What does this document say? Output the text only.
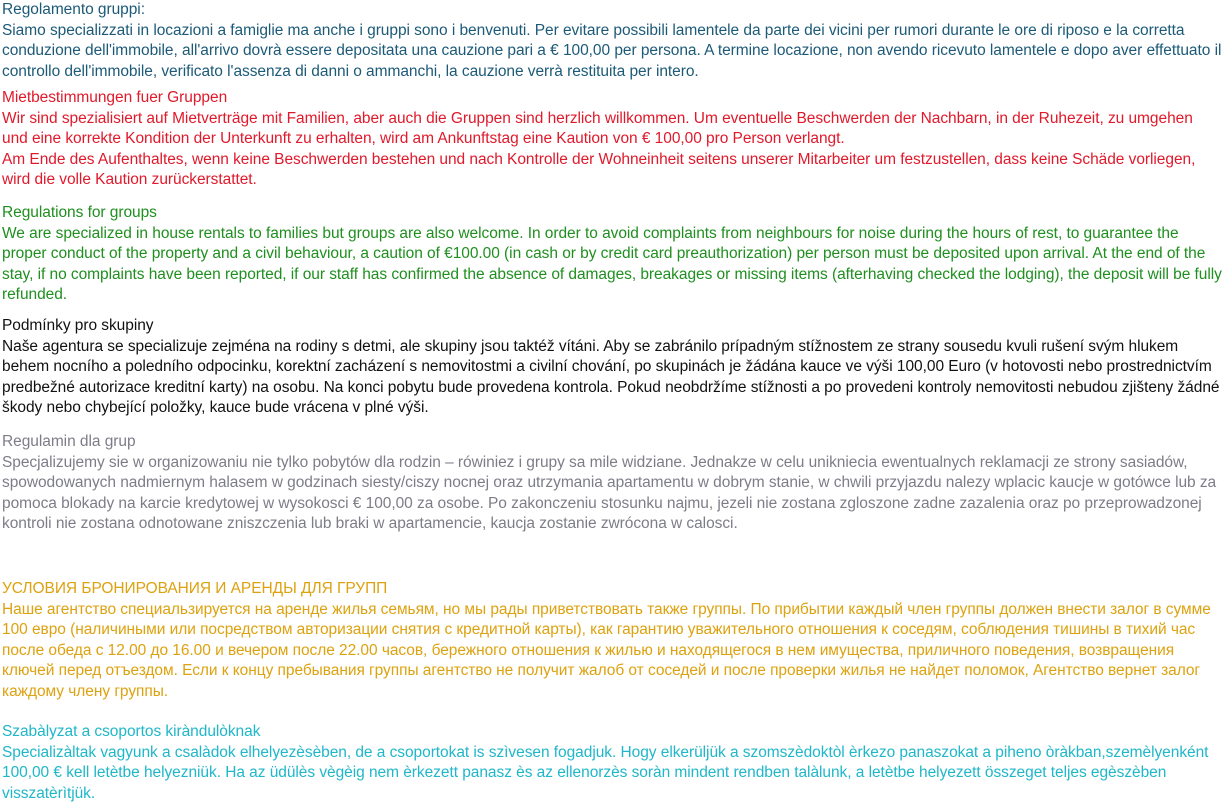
Regolamento gruppi:

Siamo specializzati in locazioni a famiglie ma anche i gruppi sono i benvenuti. Per evitare possibili lamentele da parte dei vicini per rumori durante le ore di riposo e la corretta conduzione dell'immobile, all'arrivo dovrà essere depositata una cauzione pari a € 100,00 per persona. A termine locazione, non avendo ricevuto lamentele e dopo aver effettuato il controllo dell'immobile, verificato l'assenza di danni o ammanchi, la cauzione verrà restituita per intero.

Mietbestimmungen fuer Gruppen

Wir sind spezialisiert auf Mietverträge mit Familien, aber auch die Gruppen sind herzlich willkommen. Um eventuelle Beschwerden der Nachbarn, in der Ruhezeit, zu umgehen und eine korrekte Kondition der Unterkunft zu erhalten, wird am Ankunftstag eine Kaution von € 100,00 pro Person verlangt.

Am Ende des Aufenthaltes, wenn keine Beschwerden bestehen und nach Kontrolle der Wohneinheit seitens unserer Mitarbeiter um festzustellen, dass keine Schäde vorliegen, wird die volle Kaution zurückerstattet.

Regulations for groups

We are specialized in house rentals to families but groups are also welcome. In order to avoid complaints from neighbours for noise during the hours of rest, to guarantee the proper conduct of the property and a civil behaviour, a caution of €100.00 (in cash or by credit card preauthorization) per person must be deposited upon arrival. At the end of the stay, if no complaints have been reported, if our staff has confirmed the absence of damages, breakages or missing items (afterhaving checked the lodging), the deposit will be fully refunded.

Podmínky pro skupiny

Naše agentura se specializuje zejména na rodiny s detmi, ale skupiny jsou taktéž vítáni. Aby se zabránilo prípadným stížnostem ze strany sousedu kvuli rušení svým hlukem behem nocního a poledního odpocinku, korektní zacházení s nemovitostmi a civilní chování, po skupinách je žádána kauce ve výši 100,00 Euro (v hotovosti nebo prostrednictvím predbežné autorizace kreditní karty) na osobu. Na konci pobytu bude provedena kontrola. Pokud neobdržíme stížnosti a po provedeni kontroly nemovitosti nebudou zjišteny žádné škody nebo chybející položky, kauce bude vrácena v plné výši.

Regulamin dla grup

Specjalizujemy sie w organizowaniu nie tylko pobytów dla rodzin – rówiniez i grupy sa mile widziane. Jednakze w celu unikniecia ewentualnych reklamacji ze strony sasiadów, spowodowanych nadmiernym halasem w godzinach siesty/ciszy nocnej oraz utrzymania apartamentu w dobrym stanie, w chwili przyjazdu nalezy wplacic kaucje w gotówce lub za pomoca blokady na karcie kredytowej w wysokosci € 100,00 za osobe. Po zakonczeniu stosunku najmu, jezeli nie zostana zgloszone zadne zazalenia oraz po przeprowadzonej kontroli nie zostana odnotowane zniszczenia lub braki w apartamencie, kaucja zostanie zwrócona w calosci.

УСЛОВИЯ БРОНИРОВАНИЯ И АРЕНДЫ ДЛЯ ГРУПП

Наше агентство специальзируется на аренде жилья семьям, но мы рады приветствовать также группы. По прибытии каждый член группы должен внести залог в сумме 100 евро (наличиными или посредством авторизации снятия с кредитной карты), как гарантию уважительного отношения к соседям, соблюдения тишины в тихий час после обеда с 12.00 до 16.00 и вечером после 22.00 часов, бережного отношения к жилью и находящегося в нем имущества, приличного поведения, возвращения ключей перед отъездом. Если к концу пребывания группы агентство не получит жалоб от соседей и после проверки жилья не найдет поломок, Агентство вернет залог каждому члену группы.

Szabàlyzat a csoportos kiràndulòknak

Specializàltak vagyunk a csalàdok elhelyezèsèben, de a csoportokat is szìvesen fogadjuk. Hogy elkerüljük a szomszèdoktòl èrkezo panaszokat a piheno òràkban,szemèlyenként 100,00 € kell letètbe helyezniük. Ha az üdülès vègèig nem èrkezett panasz ès az ellenorzès soràn mindent rendben talàlunk, a letètbe helyezett összeget teljes egèszèben visszatèrìtjük.
